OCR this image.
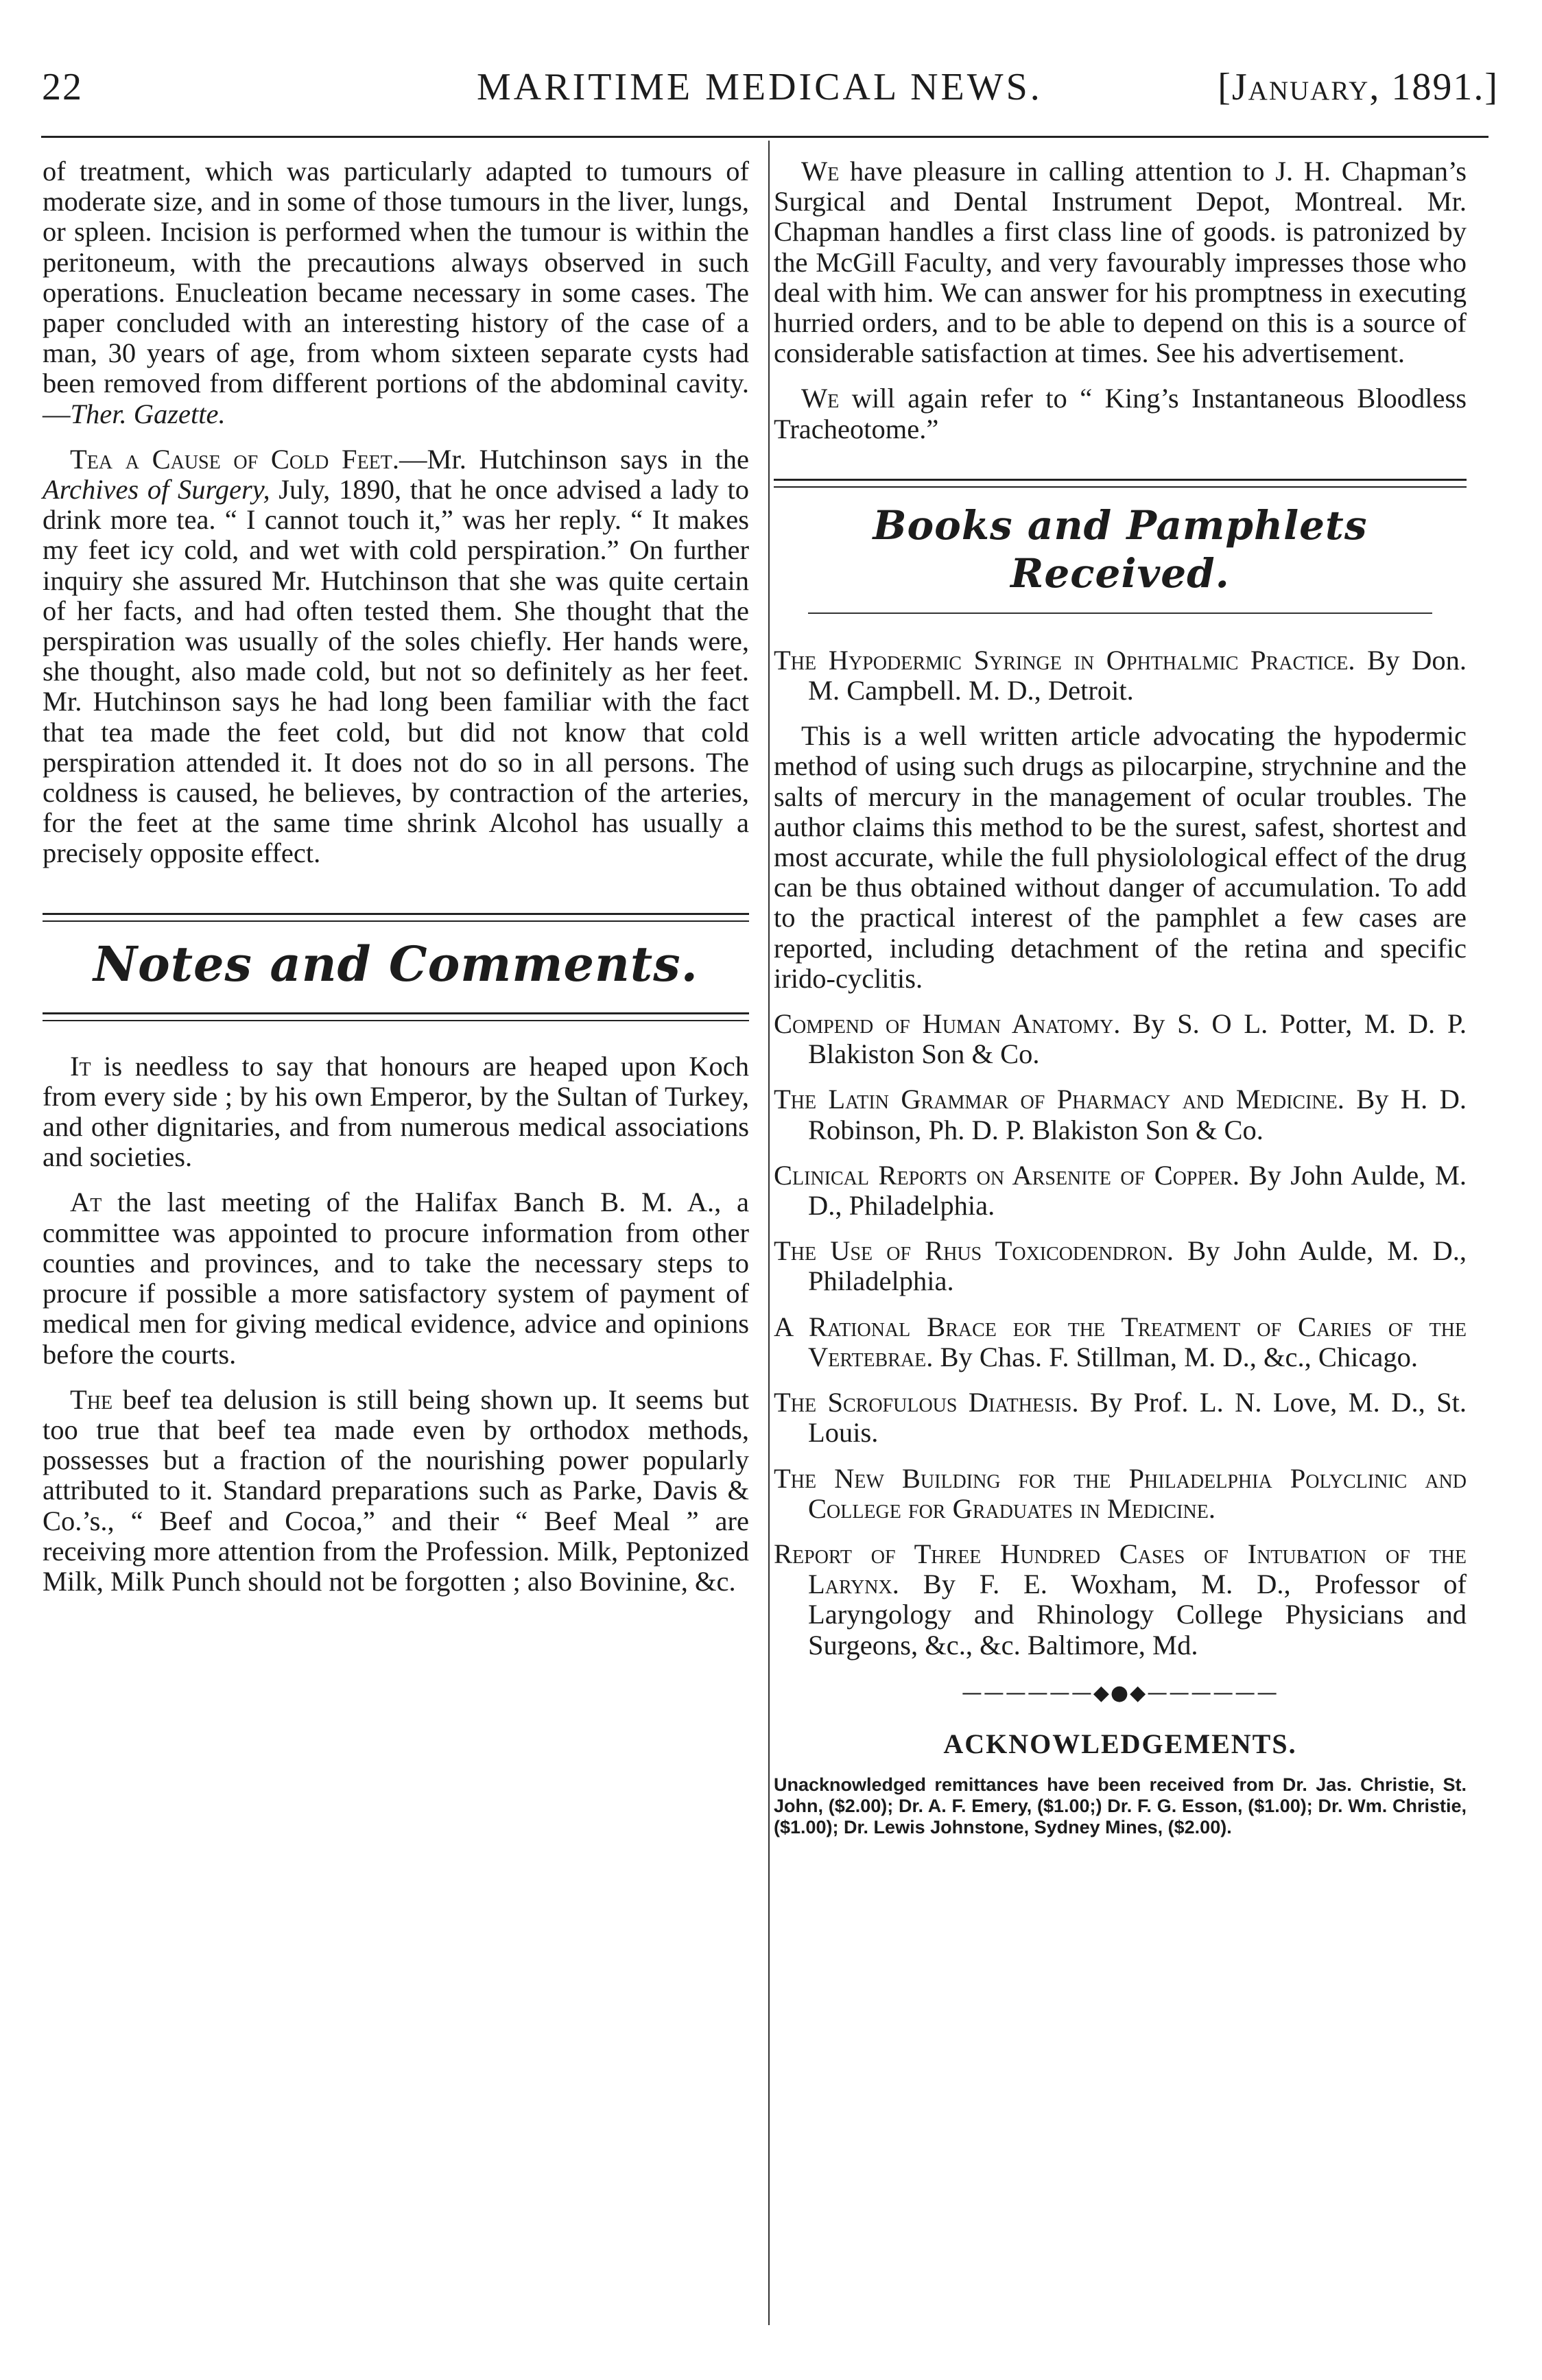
22	MARITIME MEDICAL NEWS.	[January, 1891.]

of treatment, which was particularly adapted to tumours of moderate size, and in some of those tumours in the liver, lungs, or spleen. Incision is performed when the tumour is within the peritoneum, with the precautions always observed in such operations. Enucleation became necessary in some cases. The paper concluded with an interesting history of the case of a man, 30 years of age, from whom sixteen separate cysts had been removed from different portions of the abdominal cavity.—Ther. Gazette.

Tea a Cause of Cold Feet.—Mr. Hutchinson says in the Archives of Surgery, July, 1890, that he once advised a lady to drink more tea. “ I cannot touch it,” was her reply. “ It makes my feet icy cold, and wet with cold perspiration.” On further inquiry she assured Mr. Hutchinson that she was quite certain of her facts, and had often tested them. She thought that the perspiration was usually of the soles chiefly. Her hands were, she thought, also made cold, but not so definitely as her feet. Mr. Hutchinson says he had long been familiar with the fact that tea made the feet cold, but did not know that cold perspiration attended it. It does not do so in all persons. The coldness is caused, he believes, by contraction of the arteries, for the feet at the same time shrink Alcohol has usually a precisely opposite effect.

Notes and Comments.

It is needless to say that honours are heaped upon Koch from every side ; by his own Emperor, by the Sultan of Turkey, and other dignitaries, and from numerous medical associations and societies.

At the last meeting of the Halifax Banch B. M. A., a committee was appointed to procure information from other counties and provinces, and to take the necessary steps to procure if possible a more satisfactory system of payment of medical men for giving medical evidence, advice and opinions before the courts.

The beef tea delusion is still being shown up. It seems but too true that beef tea made even by orthodox methods, possesses but a fraction of the nourishing power popularly attributed to it. Standard preparations such as Parke, Davis & Co.’s., “ Beef and Cocoa,” and their “ Beef Meal ” are receiving more attention from the Profession. Milk, Peptonized Milk, Milk Punch should not be forgotten ; also Bovinine, &c.

We have pleasure in calling attention to J. H. Chapman’s Surgical and Dental Instrument Depot, Montreal. Mr. Chapman handles a first class line of goods. is patronized by the McGill Faculty, and very favourably impresses those who deal with him. We can answer for his promptness in executing hurried orders, and to be able to depend on this is a source of considerable satisfaction at times. See his advertisement.

We will again refer to “ King’s Instantaneous Bloodless Tracheotome.”

Books and Pamphlets Received.

The Hypodermic Syringe in Ophthalmic Practice. By Don. M. Campbell. M. D., Detroit.

This is a well written article advocating the hypodermic method of using such drugs as pilocarpine, strychnine and the salts of mercury in the management of ocular troubles. The author claims this method to be the surest, safest, shortest and most accurate, while the full physiolological effect of the drug can be thus obtained without danger of accumulation. To add to the practical interest of the pamphlet a few cases are reported, including detachment of the retina and specific irido-cyclitis.

Compend of Human Anatomy. By S. O L. Potter, M. D. P. Blakiston Son & Co.

The Latin Grammar of Pharmacy and Medicine. By H. D. Robinson, Ph. D. P. Blakiston Son & Co.

Clinical Reports on Arsenite of Copper. By John Aulde, M. D., Philadelphia.

The Use of Rhus Toxicodendron. By John Aulde, M. D., Philadelphia.

A Rational Brace eor the Treatment of Caries of the Vertebrae. By Chas. F. Stillman, M. D., &c., Chicago.

The Scrofulous Diathesis. By Prof. L. N. Love, M. D., St. Louis.

The New Building for the Philadelphia Polyclinic and College for Graduates in Medicine.

Report of Three Hundred Cases of Intubation of the Larynx. By F. E. Woxham, M. D., Professor of Laryngology and Rhinology College Physicians and Surgeons, &c., &c. Baltimore, Md.

——————◆●◆——————
ACKNOWLEDGEMENTS.

Unacknowledged remittances have been received from Dr. Jas. Christie, St. John, ($2.00); Dr. A. F. Emery, ($1.00;) Dr. F. G. Esson, ($1.00); Dr. Wm. Christie, ($1.00); Dr. Lewis Johnstone, Sydney Mines, ($2.00).
